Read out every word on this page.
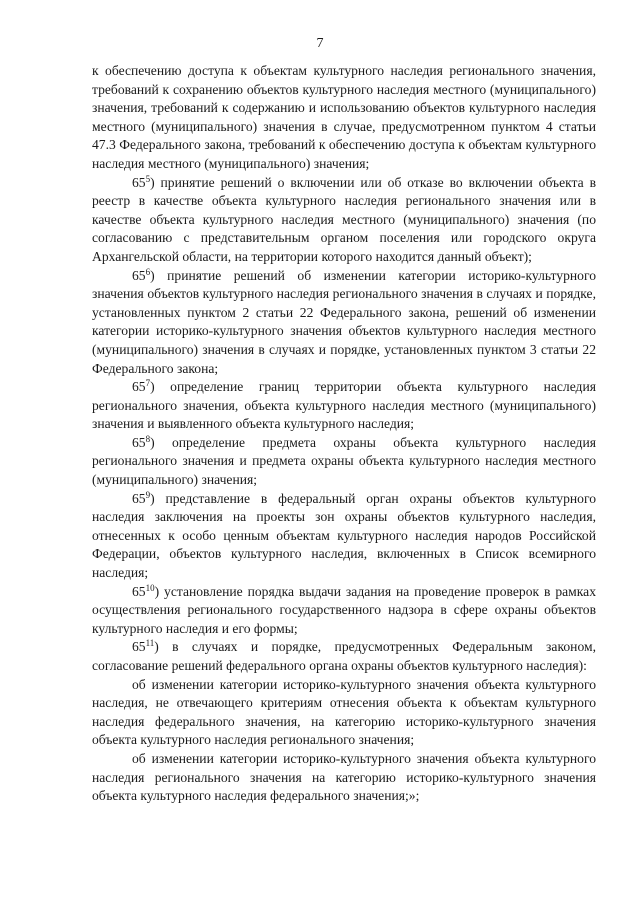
7

к обеспечению доступа к объектам культурного наследия регионального значения, требований к сохранению объектов культурного наследия местного (муниципального) значения, требований к содержанию и использованию объектов культурного наследия местного (муниципального) значения в случае, предусмотренном пунктом 4 статьи 47.3 Федерального закона, требований к обеспечению доступа к объектам культурного наследия местного (муниципального) значения;

$65^5$) принятие решений о включении или об отказе во включении объекта в реестр в качестве объекта культурного наследия регионального значения или в качестве объекта культурного наследия местного (муниципального) значения (по согласованию с представительным органом поселения или городского округа Архангельской области, на территории которого находится данный объект);

$65^6$) принятие решений об изменении категории историко-культурного значения объектов культурного наследия регионального значения в случаях и порядке, установленных пунктом 2 статьи 22 Федерального закона, решений об изменении категории историко-культурного значения объектов культурного наследия местного (муниципального) значения в случаях и порядке, установленных пунктом 3 статьи 22 Федерального закона;

$65^7$) определение границ территории объекта культурного наследия регионального значения, объекта культурного наследия местного (муниципального) значения и выявленного объекта культурного наследия;

$65^8$) определение предмета охраны объекта культурного наследия регионального значения и предмета охраны объекта культурного наследия местного (муниципального) значения;

$65^9$) представление в федеральный орган охраны объектов культурного наследия заключения на проекты зон охраны объектов культурного наследия, отнесенных к особо ценным объектам культурного наследия народов Российской Федерации, объектов культурного наследия, включенных в Список всемирного наследия;

$65^{10}$) установление порядка выдачи задания на проведение проверок в рамках осуществления регионального государственного надзора в сфере охраны объектов культурного наследия и его формы;

$65^{11}$) в случаях и порядке, предусмотренных Федеральным законом, согласование решений федерального органа охраны объектов культурного наследия):

об изменении категории историко-культурного значения объекта культурного наследия, не отвечающего критериям отнесения объекта к объектам культурного наследия федерального значения, на категорию историко-культурного значения объекта культурного наследия регионального значения;

об изменении категории историко-культурного значения объекта культурного наследия регионального значения на категорию историко-культурного значения объекта культурного наследия федерального значения;»;
